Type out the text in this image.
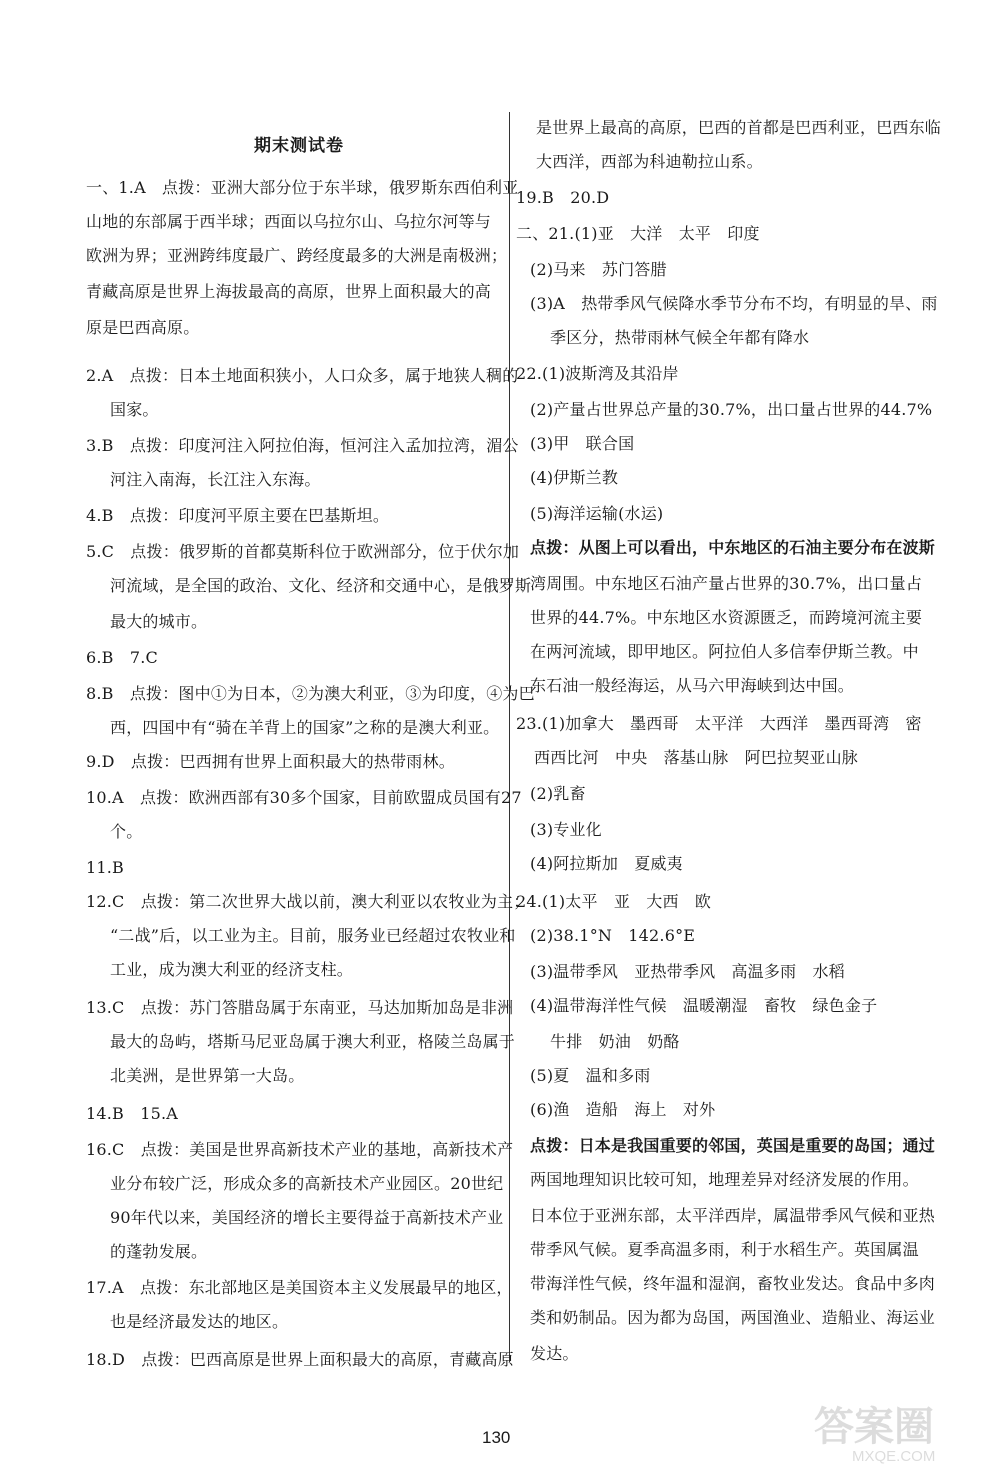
期末测试卷
一、1.A　点拨：亚洲大部分位于东半球，俄罗斯东西伯利亚
山地的东部属于西半球；西面以乌拉尔山、乌拉尔河等与
欧洲为界；亚洲跨纬度最广、跨经度最多的大洲是南极洲；
青藏高原是世界上海拔最高的高原，世界上面积最大的高
原是巴西高原。
2.A　点拨：日本土地面积狭小，人口众多，属于地狭人稠的
国家。
3.B　点拨：印度河注入阿拉伯海，恒河注入孟加拉湾，湄公
河注入南海，长江注入东海。
4.B　点拨：印度河平原主要在巴基斯坦。
5.C　点拨：俄罗斯的首都莫斯科位于欧洲部分，位于伏尔加
河流域，是全国的政治、文化、经济和交通中心，是俄罗斯
最大的城市。
6.B　7.C
8.B　点拨：图中①为日本，②为澳大利亚，③为印度，④为巴
西，四国中有“骑在羊背上的国家”之称的是澳大利亚。
9.D　点拨：巴西拥有世界上面积最大的热带雨林。
10.A　点拨：欧洲西部有30多个国家，目前欧盟成员国有27
个。
11.B
12.C　点拨：第二次世界大战以前，澳大利亚以农牧业为主；
“二战”后，以工业为主。目前，服务业已经超过农牧业和
工业，成为澳大利亚的经济支柱。
13.C　点拨：苏门答腊岛属于东南亚，马达加斯加岛是非洲
最大的岛屿，塔斯马尼亚岛属于澳大利亚，格陵兰岛属于
北美洲，是世界第一大岛。
14.B　15.A
16.C　点拨：美国是世界高新技术产业的基地，高新技术产
业分布较广泛，形成众多的高新技术产业园区。20世纪
90年代以来，美国经济的增长主要得益于高新技术产业
的蓬勃发展。
17.A　点拨：东北部地区是美国资本主义发展最早的地区，
也是经济最发达的地区。
18.D　点拨：巴西高原是世界上面积最大的高原，青藏高原
是世界上最高的高原，巴西的首都是巴西利亚，巴西东临
大西洋，西部为科迪勒拉山系。
19.B　20.D
二、21.(1)亚　大洋　太平　印度
(2)马来　苏门答腊
(3)A　热带季风气候降水季节分布不均，有明显的旱、雨
季区分，热带雨林气候全年都有降水
22.(1)波斯湾及其沿岸
(2)产量占世界总产量的30.7%，出口量占世界的44.7%
(3)甲　联合国
(4)伊斯兰教
(5)海洋运输(水运)
点拨：从图上可以看出，中东地区的石油主要分布在波斯
湾周围。中东地区石油产量占世界的30.7%，出口量占
世界的44.7%。中东地区水资源匮乏，而跨境河流主要
在两河流域，即甲地区。阿拉伯人多信奉伊斯兰教。中
东石油一般经海运，从马六甲海峡到达中国。
23.(1)加拿大　墨西哥　太平洋　大西洋　墨西哥湾　密
西西比河　中央　落基山脉　阿巴拉契亚山脉
(2)乳畜
(3)专业化
(4)阿拉斯加　夏威夷
24.(1)太平　亚　大西　欧
(2)38.1°N　142.6°E
(3)温带季风　亚热带季风　高温多雨　水稻
(4)温带海洋性气候　温暖潮湿　畜牧　绿色金子
牛排　奶油　奶酪
(5)夏　温和多雨
(6)渔　造船　海上　对外
点拨：日本是我国重要的邻国，英国是重要的岛国；通过
两国地理知识比较可知，地理差异对经济发展的作用。
日本位于亚洲东部，太平洋西岸，属温带季风气候和亚热
带季风气候。夏季高温多雨，利于水稻生产。英国属温
带海洋性气候，终年温和湿润，畜牧业发达。食品中多肉
类和奶制品。因为都为岛国，两国渔业、造船业、海运业
发达。
130	答案圈
MXQE.COM
